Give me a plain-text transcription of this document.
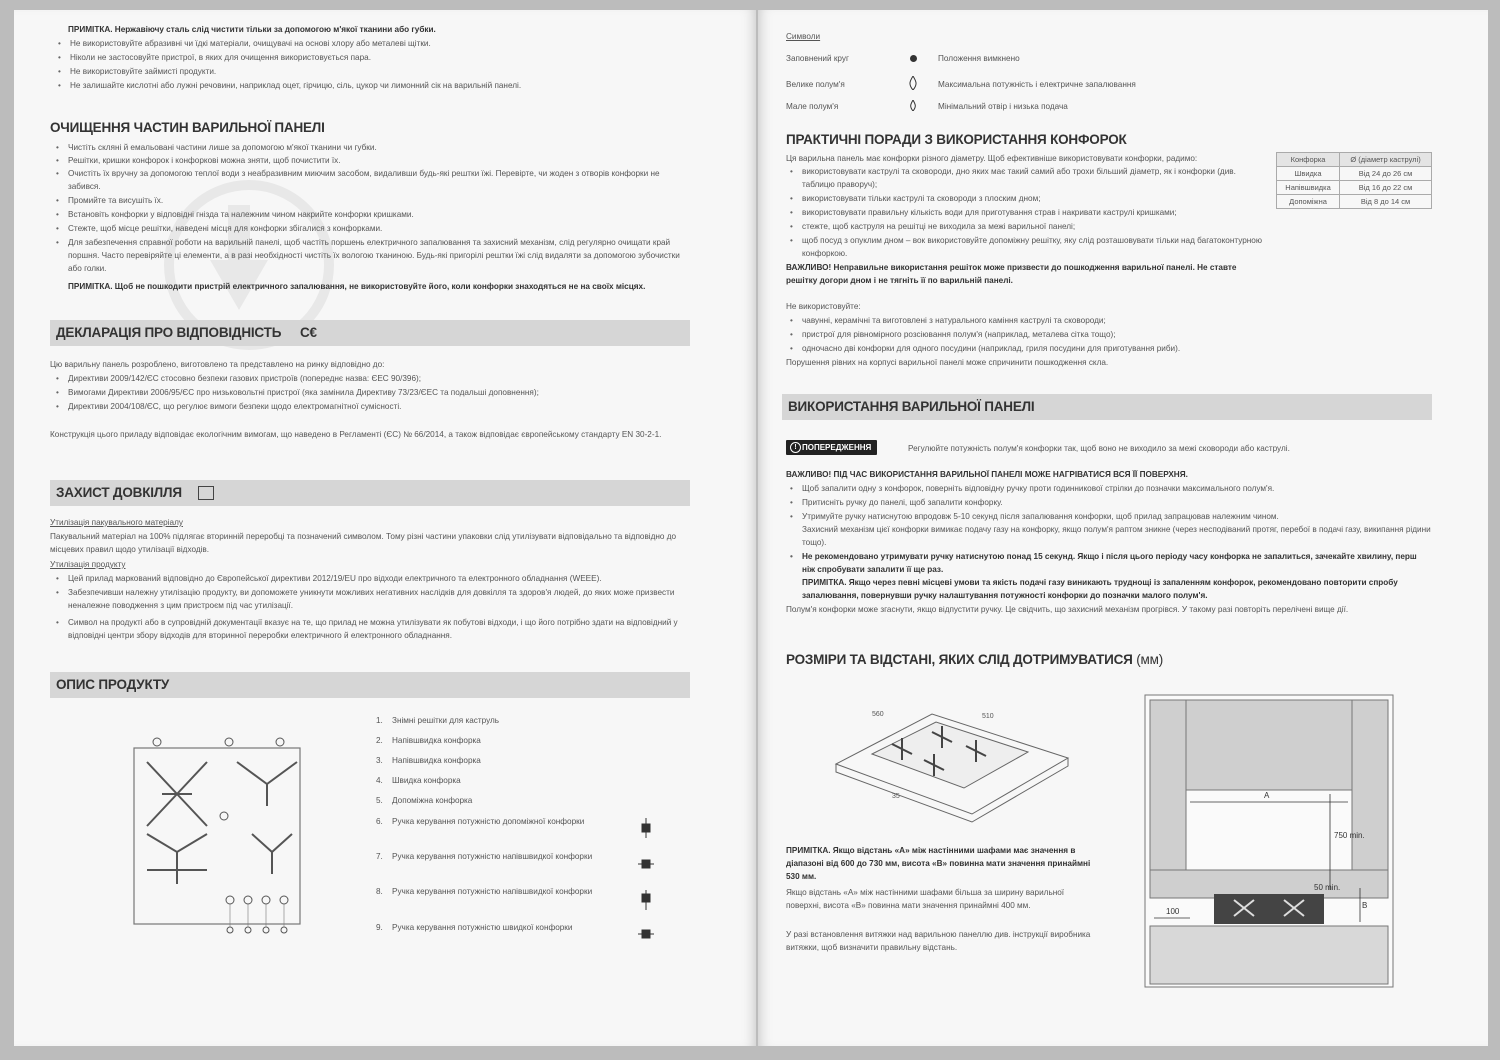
ПРИМІТКА. Нержавіючу сталь слід чистити тільки за допомогою м'якої тканини або губки.
• Не використовуйте абразивні чи їдкі матеріали, очищувачі на основі хлору або металеві щітки.
• Ніколи не застосовуйте пристрої, в яких для очищення використовується пара.
• Не використовуйте займисті продукти.
• Не залишайте кислотні або лужні речовини, наприклад оцет, гірчицю, сіль, цукор чи лимонний сік на варильній панелі.
ОЧИЩЕННЯ ЧАСТИН ВАРИЛЬНОЇ ПАНЕЛІ
• Чистіть скляні й емальовані частини лише за допомогою м'якої тканини чи губки.
• Решітки, кришки конфорок і конфоркові можна зняти, щоб почистити їх.
• Очистіть їх вручну за допомогою теплої води з неабразивним миючим засобом, видаливши будь-які рештки їжі. Перевірте, чи жоден з отворів конфорки не забився.
• Промийте та висушіть їх.
• Встановіть конфорки у відповідні гнізда та належним чином накрийте конфорки кришками.
• Стежте, щоб місце решітки, наведені місця для конфорки збігалися з конфорками.
• Для забезпечення справної роботи на варильній панелі, щоб частіть поршень електричного запалювання та захисний механізм, слід регулярно очищати край поршня. Часто перевіряйте ці елементи, а в разі необхідності чистіть їх вологою тканиною. Будь-які пригорілі рештки їжі слід видаляти за допомогою зубочистки або голки.
ПРИМІТКА. Щоб не пошкодити пристрій електричного запалювання, не використовуйте його, коли конфорки знаходяться не на своїх місцях.
ДЕКЛАРАЦІЯ ПРО ВІДПОВІДНІСТЬ C€
Цю варильну панель розроблено, виготовлено та представлено на ринку відповідно до:
• Директиви 2009/142/ЄС стосовно безпеки газових пристроїв (попереднє назва: ЄЕС 90/396);
• Вимогами Директиви 2006/95/ЄС про низьковольтні пристрої (яка замінила Директиву 73/23/ЄЕС та подальші доповнення);
• Директиви 2004/108/ЄС, що регулює вимоги безпеки щодо електромагнітної сумісності.
Конструкція цього приладу відповідає екологічним вимогам, що наведено в Регламенті (ЄС) № 66/2014, а також відповідає європейському стандарту EN 30-2-1.
ЗАХИСТ ДОВКІЛЛЯ
Утилізація пакувального матеріалу
Пакувальний матеріал на 100% підлягає вторинній переробці та позначений символом. Тому різні частини упаковки слід утилізувати відповідально та відповідно до місцевих правил щодо утилізації відходів.
Утилізація продукту
• Цей прилад маркований відповідно до Європейської директиви 2012/19/EU про відходи електричного та електронного обладнання (WEEE).
• Забезпечивши належну утилізацію продукту, ви допоможете уникнути можливих негативних наслідків для довкілля та здоров'я людей, до яких може призвести неналежне поводження з цим пристроєм під час утилізації.
• Символ на продукті або в супровідній документації вказує на те, що прилад не можна утилізувати як побутові відходи, і що його потрібно здати на відповідний у відповідні центри збору відходів для вторинної переробки електричного й електронного обладнання.
ОПИС ПРОДУКТУ
1. Знімні решітки для каструль
2. Напівшвидка конфорка
3. Напівшвидка конфорка
4. Швидка конфорка
5. Допоміжна конфорка
6. Ручка керування потужністю допоміжної конфорки
7. Ручка керування потужністю напівшвидкої конфорки
8. Ручка керування потужністю напівшвидкої конфорки
9. Ручка керування потужністю швидкої конфорки
Символи
Заповнений круг	Положення вимкнено
Велике полум'я	Максимальна потужність і електричне запалювання
Мале полум'я	Мінімальний отвір і низька подача
ПРАКТИЧНІ ПОРАДИ З ВИКОРИСТАННЯ КОНФОРОК
Ця варильна панель має конфорки різного діаметру. Щоб ефективніше використовувати конфорки, радимо:
• використовувати каструлі та сковороди, дно яких має такий самий або трохи більший діаметр, як і конфорки (див. таблицю праворуч);
• використовувати тільки каструлі та сковороди з плоским дном;
• використовувати правильну кількість води для приготування страв і накривати каструлі кришками;
• стежте, щоб каструля на решітці не виходила за межі варильної панелі;
• щоб посуд з опуклим дном – вок використовуйте допоміжну решітку, яку слід розташовувати тільки над багатоконтурною конфоркою.
Конфорка	Ø (діаметр каструлі)
Швидка	Від 24 до 26 см
Напівшвидка	Від 16 до 22 см
Допоміжна	Від 8 до 14 см
ВАЖЛИВО! Неправильне використання решіток може призвести до пошкодження варильної панелі. Не ставте решітку догори дном і не тягніть її по варильній панелі.
Не використовуйте:
• чавунні, керамічні та виготовлені з натурального каміння каструлі та сковороди;
• пристрої для рівномірного розсіювання полум'я (наприклад, металева сітка тощо);
• одночасно дві конфорки для одного посудини (наприклад, гриля посудини для приготування риби).
Порушення рівних на корпусі варильної панелі може спричинити пошкодження скла.
ВИКОРИСТАННЯ ВАРИЛЬНОЇ ПАНЕЛІ
! ПОПЕРЕДЖЕННЯ	Регулюйте потужність полум'я конфорки так, щоб воно не виходило за межі сковороди або каструлі.
ВАЖЛИВО! ПІД ЧАС ВИКОРИСТАННЯ ВАРИЛЬНОЇ ПАНЕЛІ МОЖЕ НАГРІВАТИСЯ ВСЯ ЇЇ ПОВЕРХНЯ.
• Щоб запалити одну з конфорок, поверніть відповідну ручку проти годинникової стрілки до позначки максимального полум'я.
• Притисніть ручку до панелі, щоб запалити конфорку.
• Утримуйте ручку натиснутою впродовж 5-10 секунд після запалювання конфорки, щоб прилад запрацював належним чином.
Захисний механізм цієї конфорки вимикає подачу газу на конфорку, якщо полум'я раптом зникне (через несподіваний протяг, перебої в подачі газу, википання рідини тощо).
• Не рекомендовано утримувати ручку натиснутою понад 15 секунд. Якщо і після цього періоду часу конфорка не запалиться, зачекайте хвилину, перш ніж спробувати запалити її ще раз.
ПРИМІТКА. Якщо через певні місцеві умови та якість подачі газу виникають труднощі із запаленням конфорок, рекомендовано повторити спробу запалювання, повернувши ручку налаштування потужності конфорки до позначки малого полум'я.
Полум'я конфорки може згаснути, якщо відпустити ручку. Це свідчить, що захисний механізм прогрівся. У такому разі повторіть перелічені вище дії.
РОЗМІРИ ТА ВІДСТАНІ, ЯКИХ СЛІД ДОТРИМУВАТИСЯ (мм)
560	510
35	A
750 min.
B
50 min.
100
ПРИМІТКА. Якщо відстань «А» між настінними шафами має значення в діапазоні від 600 до 730 мм, висота «В» повинна мати значення принаймні 530 мм.
Якщо відстань «А» між настінними шафами більша за ширину варильної поверхні, висота «В» повинна мати значення принаймні 400 мм.
У разі встановлення витяжки над варильною панеллю див. інструкції виробника витяжки, щоб визначити правильну відстань.
